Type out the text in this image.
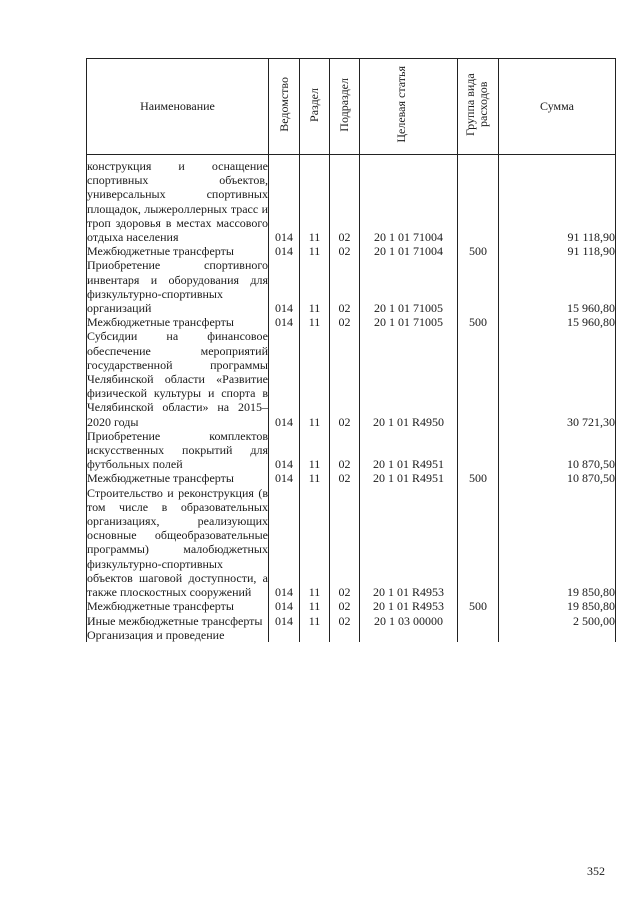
Наименование	Ведомство	Раздел	Подраздел	Целевая статья	Группа вида расходов	Сумма
конструкция и оснащение спортивных объектов, универсальных спортивных площадок, лыжероллерных трасс и троп здоровья в местах массового отдыха населения	014	11	02	20 1 01 71004		91 118,90
Межбюджетные трансферты	014	11	02	20 1 01 71004	500	91 118,90
Приобретение спортивного инвентаря и оборудования для физкультурно-спортивных организаций	014	11	02	20 1 01 71005		15 960,80
Межбюджетные трансферты	014	11	02	20 1 01 71005	500	15 960,80
Субсидии на финансовое обеспечение мероприятий государственной программы Челябинской области «Развитие физической культуры и спорта в Челябинской области» на 2015–2020 годы	014	11	02	20 1 01 R4950		30 721,30
Приобретение комплектов искусственных покрытий для футбольных полей	014	11	02	20 1 01 R4951		10 870,50
Межбюджетные трансферты	014	11	02	20 1 01 R4951	500	10 870,50
Строительство и реконструкция (в том числе в образовательных организациях, реализующих основные общеобразовательные программы) малобюджетных физкультурно-спортивных объектов шаговой доступности, а также плоскостных сооружений	014	11	02	20 1 01 R4953		19 850,80
Межбюджетные трансферты	014	11	02	20 1 01 R4953	500	19 850,80
Иные межбюджетные трансферты	014	11	02	20 1 03 00000		2 500,00
Организация и проведение						
352
